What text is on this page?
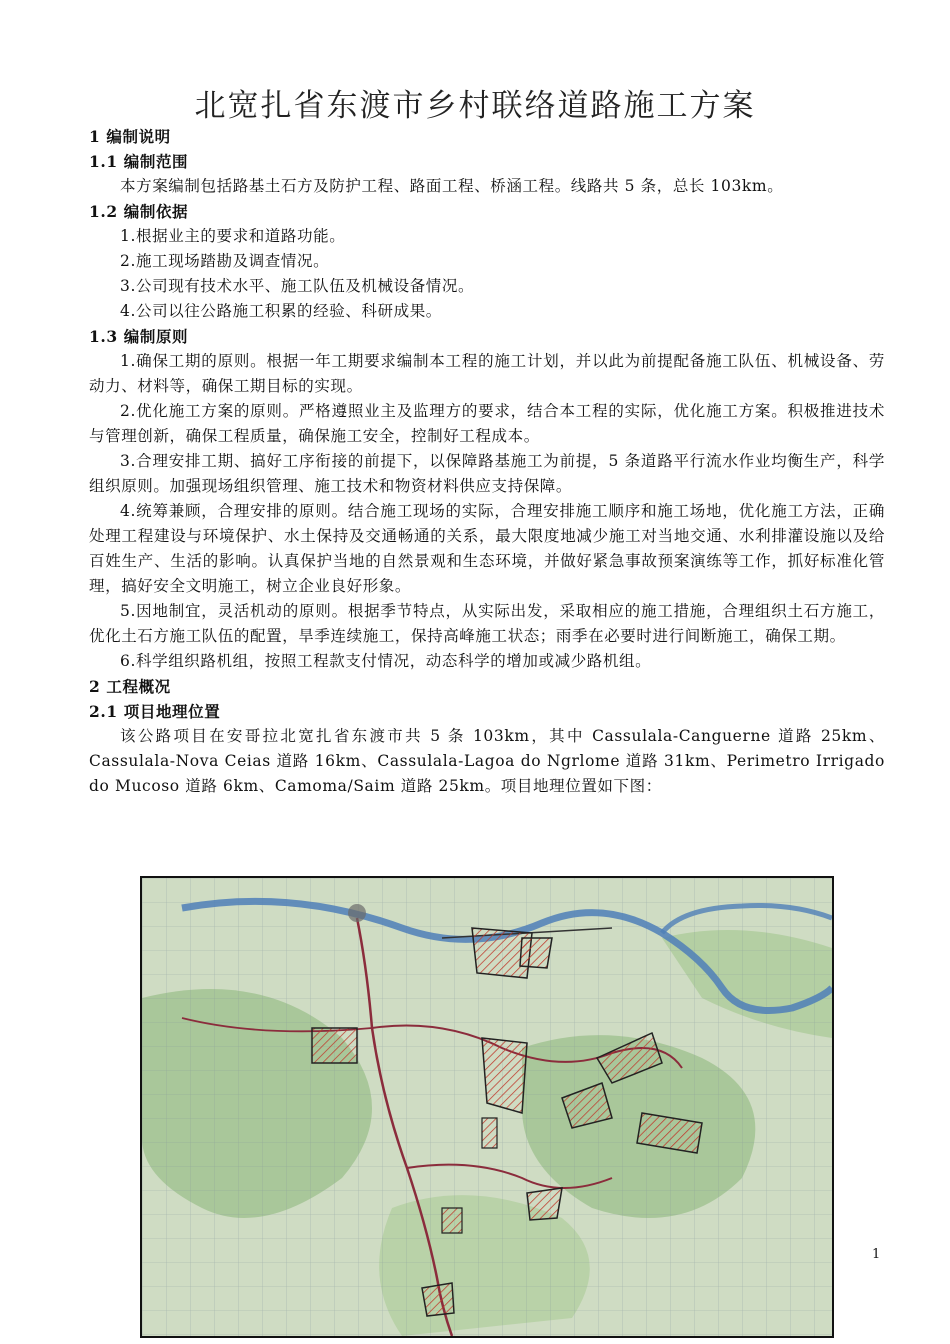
北宽扎省东渡市乡村联络道路施工方案
1 编制说明
1.1 编制范围

本方案编制包括路基土石方及防护工程、路面工程、桥涵工程。线路共 5 条，总长 103km。

1.2 编制依据

1.根据业主的要求和道路功能。

2.施工现场踏勘及调查情况。

3.公司现有技术水平、施工队伍及机械设备情况。

4.公司以往公路施工积累的经验、科研成果。

1.3 编制原则

1.确保工期的原则。根据一年工期要求编制本工程的施工计划，并以此为前提配备施工队伍、机械设备、劳动力、材料等，确保工期目标的实现。

2.优化施工方案的原则。严格遵照业主及监理方的要求，结合本工程的实际，优化施工方案。积极推进技术与管理创新，确保工程质量，确保施工安全，控制好工程成本。

3.合理安排工期、搞好工序衔接的前提下，以保障路基施工为前提，5 条道路平行流水作业均衡生产，科学组织原则。加强现场组织管理、施工技术和物资材料供应支持保障。

4.统筹兼顾，合理安排的原则。结合施工现场的实际，合理安排施工顺序和施工场地，优化施工方法，正确处理工程建设与环境保护、水土保持及交通畅通的关系，最大限度地减少施工对当地交通、水利排灌设施以及给百姓生产、生活的影响。认真保护当地的自然景观和生态环境，并做好紧急事故预案演练等工作，抓好标准化管理，搞好安全文明施工，树立企业良好形象。

5.因地制宜，灵活机动的原则。根据季节特点，从实际出发，采取相应的施工措施，合理组织土石方施工，优化土石方施工队伍的配置，旱季连续施工，保持高峰施工状态；雨季在必要时进行间断施工，确保工期。

6.科学组织路机组，按照工程款支付情况，动态科学的增加或减少路机组。

2 工程概况
2.1 项目地理位置

该公路项目在安哥拉北宽扎省东渡市共 5 条 103km，其中 Cassulala-Canguerne 道路 25km、Cassulala-Nova Ceias 道路 16km、Cassulala-Lagoa do Ngrlome 道路 31km、Perimetro Irrigado do Mucoso 道路 6km、Camoma/Saim 道路 25km。项目地理位置如下图：

1
